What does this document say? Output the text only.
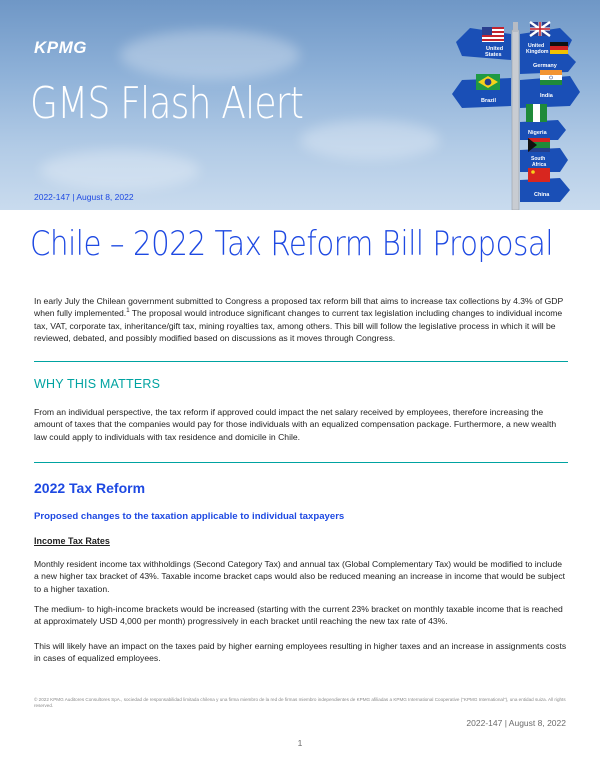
KPMG
GMS Flash Alert
2022-147 | August 8, 2022
United
States
United
Kingdom
Germany
Brazil
India
Nigeria
South
Africa
China
Chile – 2022 Tax Reform Bill Proposal

In early July the Chilean government submitted to Congress a proposed tax reform bill that aims to increase tax collections by 4.3% of GDP when fully implemented.$^1$ The proposal would introduce significant changes to current tax legislation including changes to individual income tax, VAT, corporate tax, inheritance/gift tax, mining royalties tax, among others. This bill will follow the legislative process in which it will be reviewed, debated, and possibly modified based on discussions as it moves through Congress.

WHY THIS MATTERS

From an individual perspective, the tax reform if approved could impact the net salary received by employees, therefore increasing the amount of taxes that the companies would pay for those individuals with an equalized compensation package. Furthermore, a new wealth law could apply to individuals with tax residence and domicile in Chile.

2022 Tax Reform
Proposed changes to the taxation applicable to individual taxpayers
Income Tax Rates

Monthly resident income tax withholdings (Second Category Tax) and annual tax (Global Complementary Tax) would be modified to include a new higher tax bracket of 43%. Taxable income bracket caps would also be reduced meaning an increase in income that would be subject to a higher taxation.

The medium- to high-income brackets would be increased (starting with the current 23% bracket on monthly taxable income that is reached at approximately USD 4,000 per month) progressively in each bracket until reaching the new tax rate of 43%.

This will likely have an impact on the taxes paid by higher earning employees resulting in higher taxes and an increase in assignments costs in cases of equalized employees.

© 2022 KPMG Auditores Consultores SpA., sociedad de responsabilidad limitada chilena y una firma miembro de la red de firmas miembro independientes de KPMG afiliadas a KPMG International Cooperative ("KPMG International"), una entidad suiza. All rights reserved.
2022-147 | August 8, 2022
1
